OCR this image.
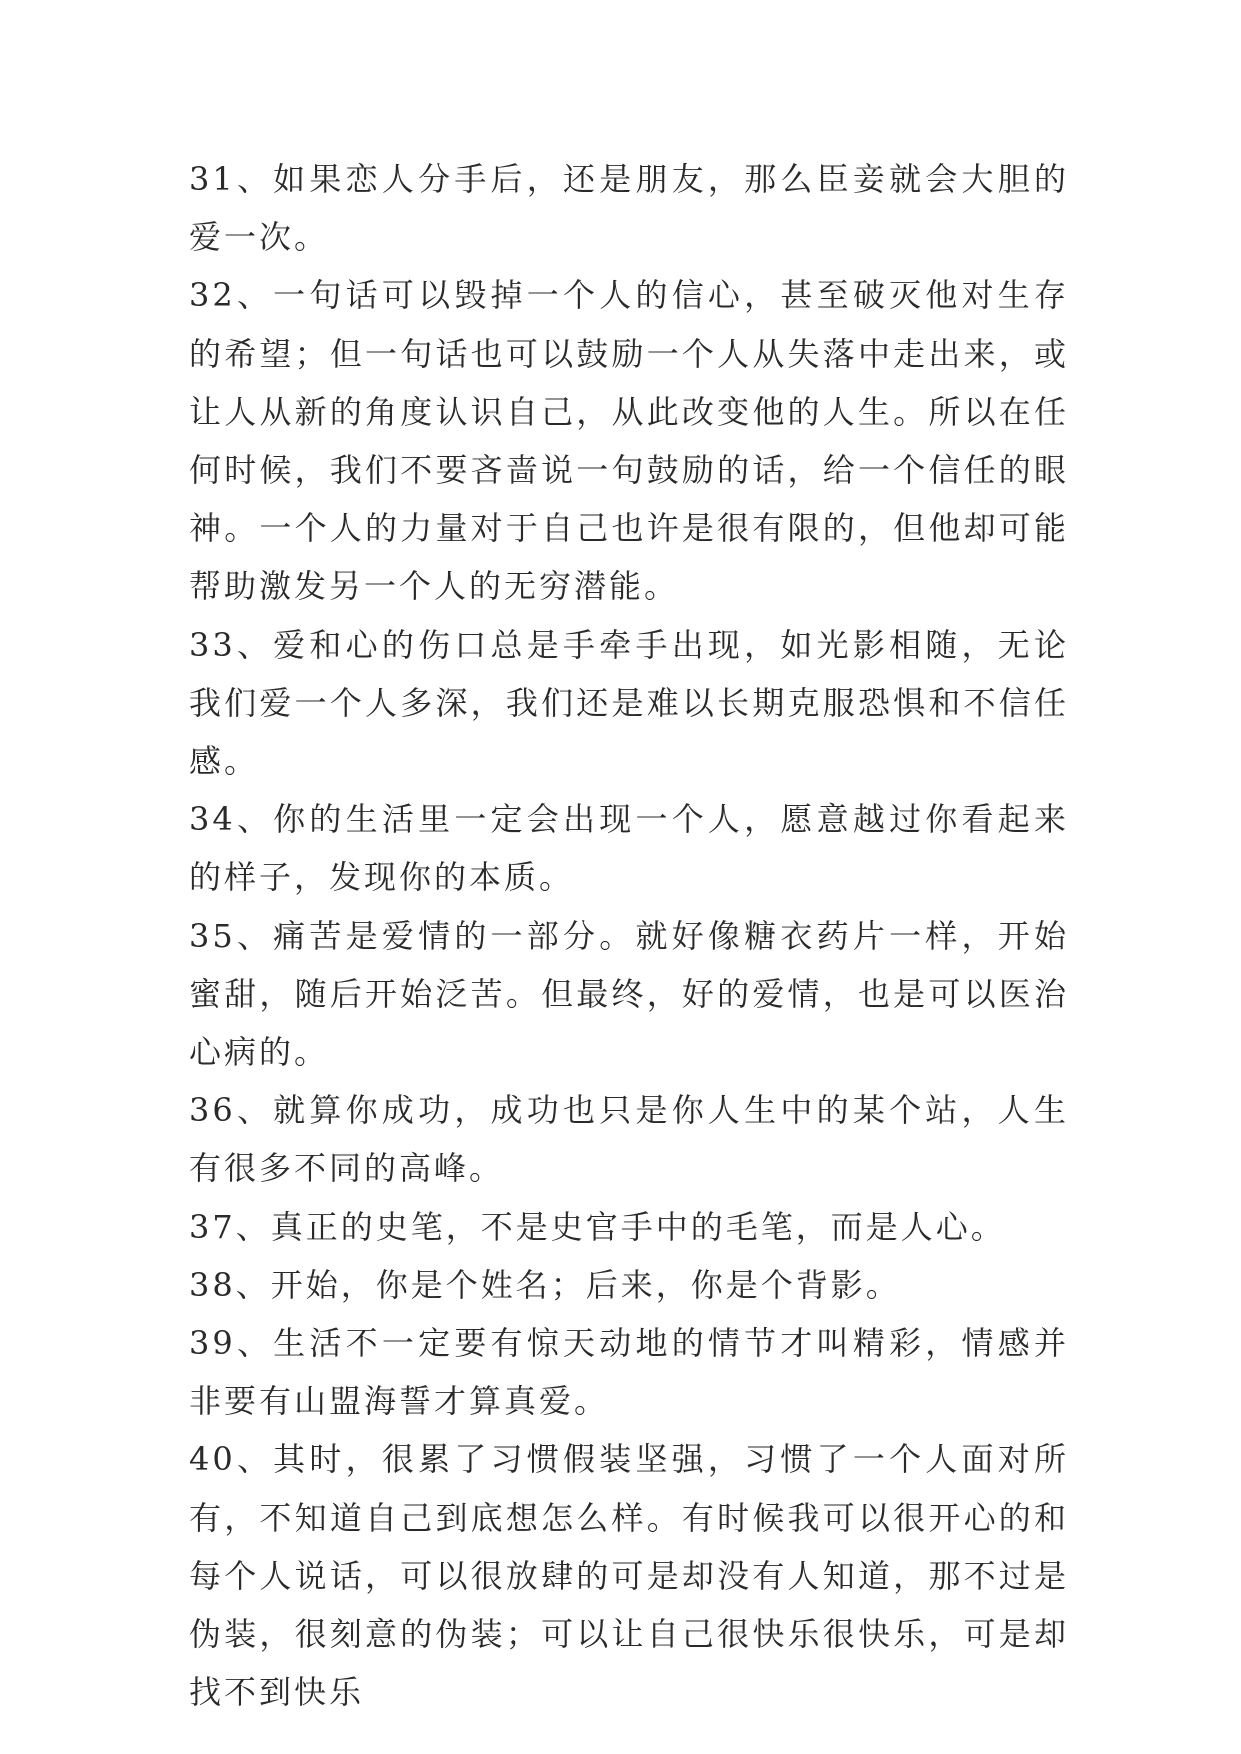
31、如果恋人分手后，还是朋友，那么臣妾就会大胆的爱一次。

32、一句话可以毁掉一个人的信心，甚至破灭他对生存的希望；但一句话也可以鼓励一个人从失落中走出来，或让人从新的角度认识自己，从此改变他的人生。所以在任何时候，我们不要吝啬说一句鼓励的话，给一个信任的眼神。一个人的力量对于自己也许是很有限的，但他却可能帮助激发另一个人的无穷潜能。

33、爱和心的伤口总是手牵手出现，如光影相随，无论我们爱一个人多深，我们还是难以长期克服恐惧和不信任感。

34、你的生活里一定会出现一个人，愿意越过你看起来的样子，发现你的本质。

35、痛苦是爱情的一部分。就好像糖衣药片一样，开始蜜甜，随后开始泛苦。但最终，好的爱情，也是可以医治心病的。

36、就算你成功，成功也只是你人生中的某个站，人生有很多不同的高峰。

37、真正的史笔，不是史官手中的毛笔，而是人心。

38、开始，你是个姓名；后来，你是个背影。

39、生活不一定要有惊天动地的情节才叫精彩，情感并非要有山盟海誓才算真爱。

40、其时，很累了习惯假装坚强，习惯了一个人面对所有，不知道自己到底想怎么样。有时候我可以很开心的和每个人说话，可以很放肆的可是却没有人知道，那不过是伪装，很刻意的伪装；可以让自己很快乐很快乐，可是却找不到快乐
